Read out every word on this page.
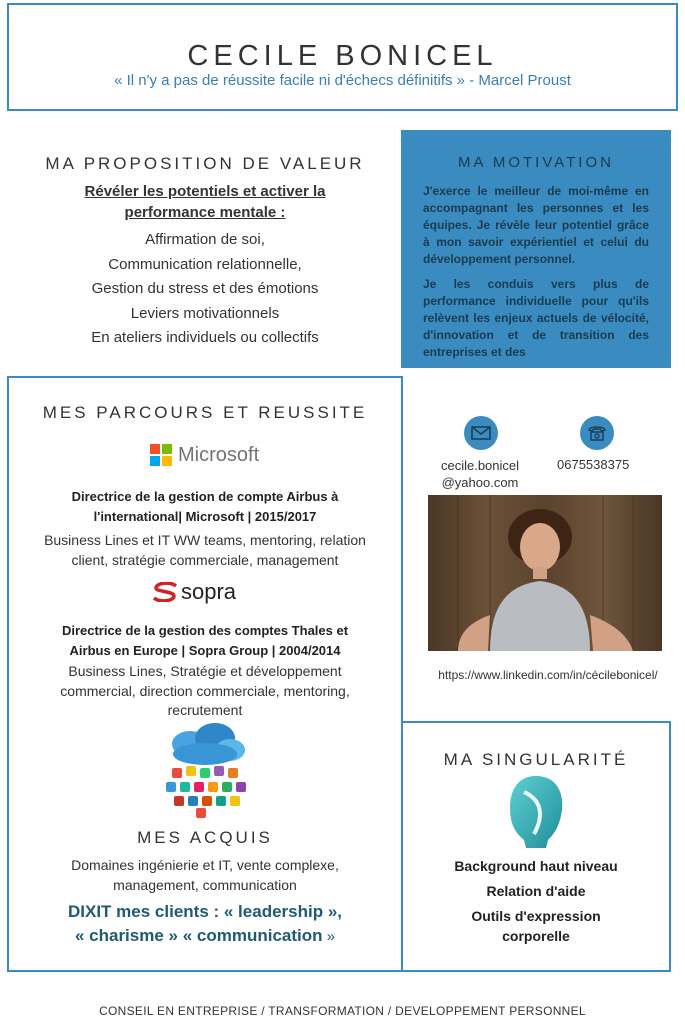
CECILE BONICEL
« Il n'y a pas de réussite facile ni d'échecs définitifs » - Marcel Proust
MA PROPOSITION DE VALEUR
Révéler les potentiels et activer la
performance mentale :
Affirmation de soi,
Communication relationnelle,
Gestion du stress et des émotions
Leviers motivationnels
En ateliers individuels ou collectifs
MA MOTIVATION

J'exerce le meilleur de moi-même en accompagnant les personnes et les équipes. Je révèle leur potentiel grâce à mon savoir expérientiel et celui du développement personnel.

Je les conduis vers plus de performance individuelle pour qu'ils relèvent les enjeux actuels de vélocité, d'innovation et de transition des entreprises et des

MES PARCOURS ET REUSSITE
Microsoft
Directrice de la gestion de compte Airbus à
l'international| Microsoft | 2015/2017
Business Lines et IT WW teams, mentoring, relation
client, stratégie commerciale, management
sopra
Directrice de la gestion des comptes Thales et
Airbus en Europe | Sopra Group | 2004/2014
Business Lines, Stratégie et développement
commercial, direction commerciale, mentoring,
recrutement
MES ACQUIS
Domaines ingénierie et IT, vente complexe,
management, communication
DIXIT mes clients : « leadership »,
« charisme » « communication »
cecile.bonicel
@yahoo.com
0675538375
https://www.linkedin.com/in/cécilebonicel/
MA SINGULARITÉ
Background haut niveau
Relation d'aide
Outils d'expression
corporelle
CONSEIL EN ENTREPRISE / TRANSFORMATION / DEVELOPPEMENT PERSONNEL
